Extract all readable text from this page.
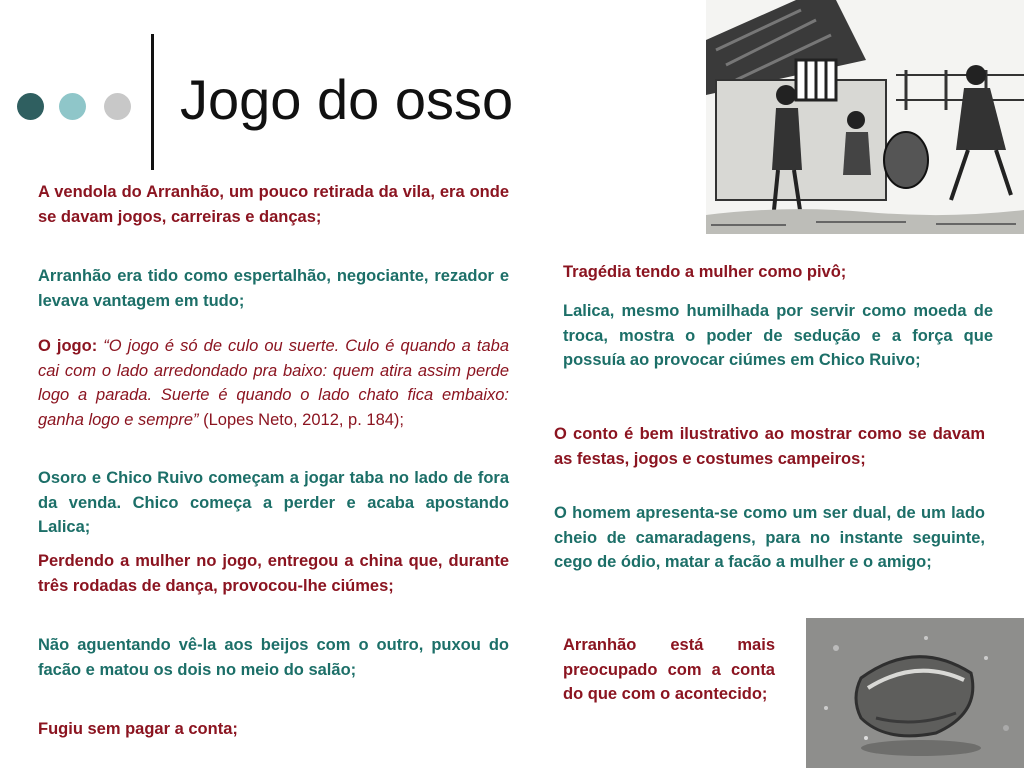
Jogo do osso

A vendola do Arranhão, um pouco retirada da vila, era onde se davam jogos, carreiras e danças;

Arranhão era tido como espertalhão, negociante, rezador e levava vantagem em tudo;

O jogo: “O jogo é só de culo ou suerte. Culo é quando a taba cai com o lado arredondado pra baixo: quem atira assim perde logo a parada. Suerte é quando o lado chato fica embaixo: ganha logo e sempre” (Lopes Neto, 2012, p. 184);

Osoro e Chico Ruivo começam a jogar taba no lado de fora da venda. Chico começa a perder e acaba apostando Lalica;

Perdendo a mulher no jogo, entregou a china que, durante três rodadas de dança, provocou-lhe ciúmes;

Não aguentando vê-la aos beijos com o outro, puxou do facão e matou os dois no meio do salão;

Fugiu sem pagar a conta;

Tragédia tendo a mulher como pivô;

Lalica, mesmo humilhada por servir como moeda de troca, mostra o poder de sedução e a força que possuía ao provocar ciúmes em Chico Ruivo;

O conto é bem ilustrativo ao mostrar como se davam as festas, jogos e costumes campeiros;

O homem apresenta-se como um ser dual, de um lado cheio de camaradagens, para no instante seguinte, cego de ódio, matar a facão a mulher e o amigo;

Arranhão está mais preocupado com a conta do que com o acontecido;
